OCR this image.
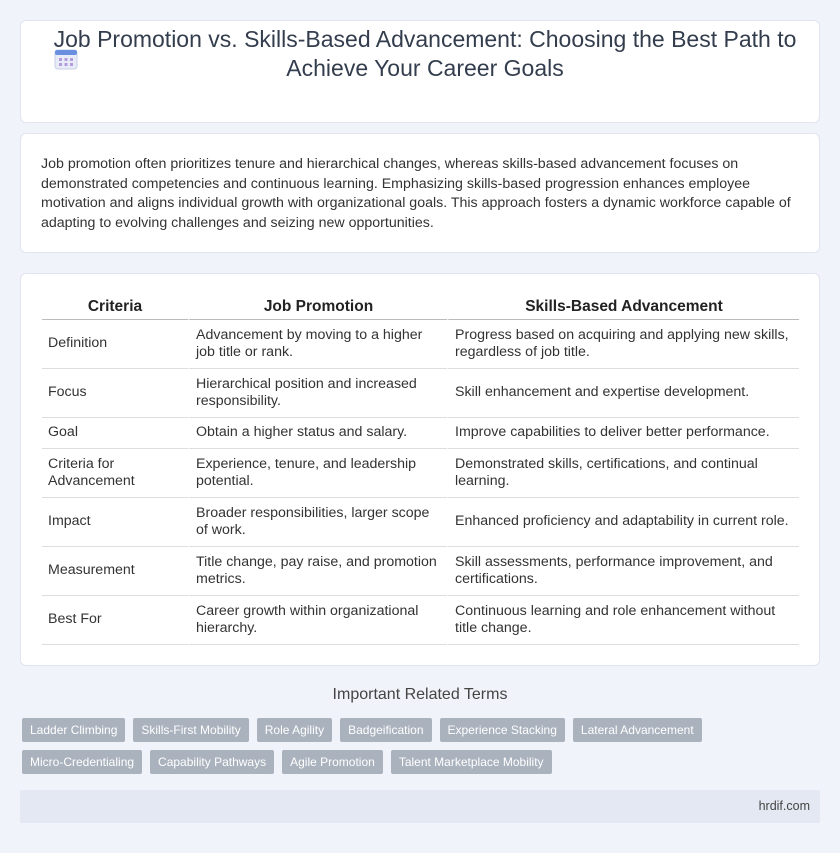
Job Promotion vs. Skills-Based Advancement: Choosing the Best Path to Achieve Your Career Goals

Job promotion often prioritizes tenure and hierarchical changes, whereas skills-based advancement focuses on demonstrated competencies and continuous learning. Emphasizing skills-based progression enhances employee motivation and aligns individual growth with organizational goals. This approach fosters a dynamic workforce capable of adapting to evolving challenges and seizing new opportunities.

Criteria	Job Promotion	Skills-Based Advancement
Definition	Advancement by moving to a higher job title or rank.	Progress based on acquiring and applying new skills, regardless of job title.
Focus	Hierarchical position and increased responsibility.	Skill enhancement and expertise development.
Goal	Obtain a higher status and salary.	Improve capabilities to deliver better performance.
Criteria for Advancement	Experience, tenure, and leadership potential.	Demonstrated skills, certifications, and continual learning.
Impact	Broader responsibilities, larger scope of work.	Enhanced proficiency and adaptability in current role.
Measurement	Title change, pay raise, and promotion metrics.	Skill assessments, performance improvement, and certifications.
Best For	Career growth within organizational hierarchy.	Continuous learning and role enhancement without title change.
Important Related Terms
Ladder Climbing	Skills-First Mobility	Role Agility	Badgeification	Experience Stacking	Lateral Advancement
Micro-Credentialing	Capability Pathways	Agile Promotion	Talent Marketplace Mobility
hrdif.com
